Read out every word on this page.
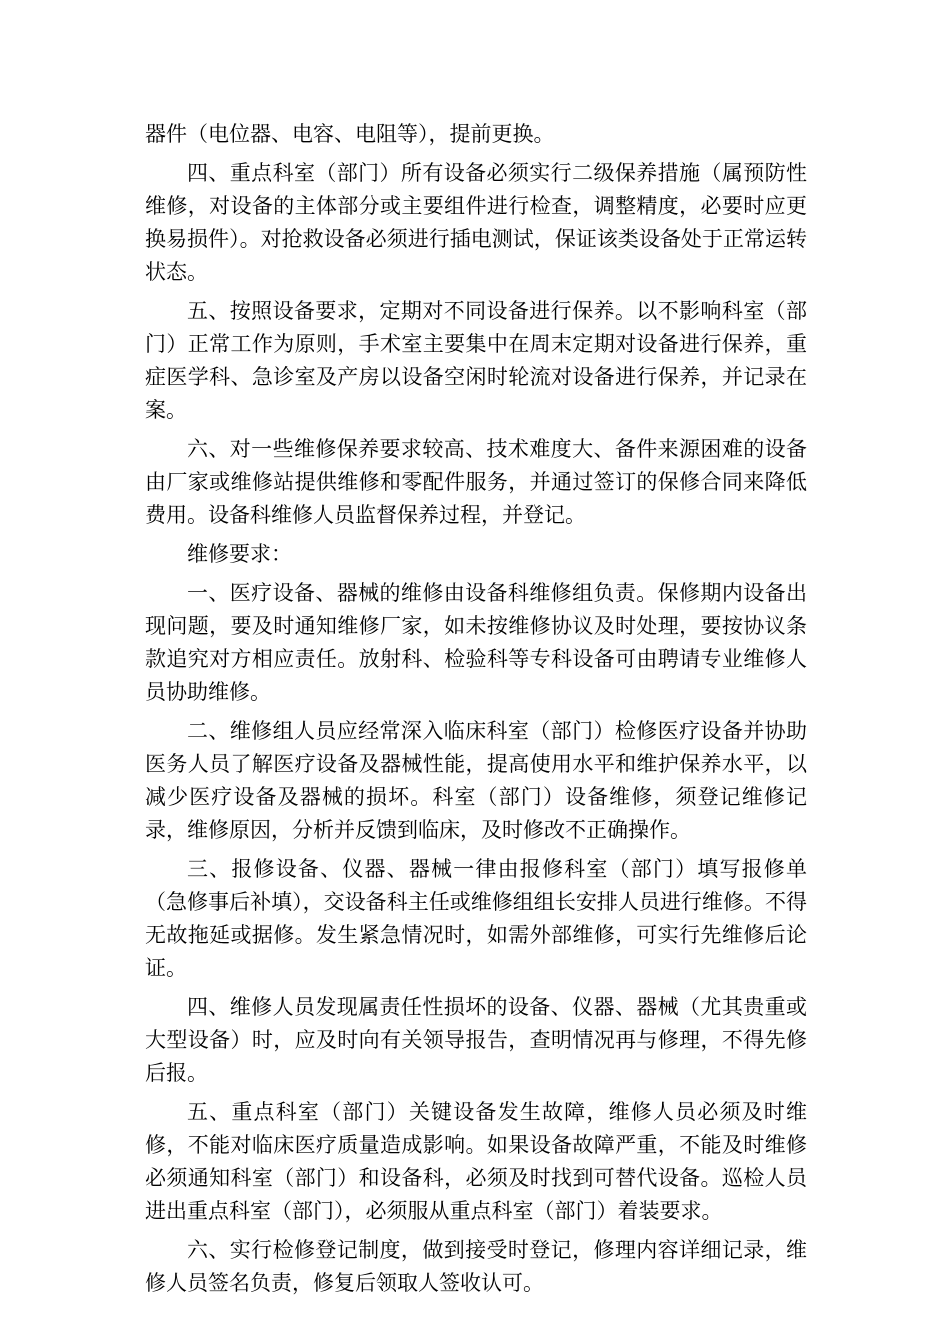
器件（电位器、电容、电阻等），提前更换。

四、重点科室（部门）所有设备必须实行二级保养措施（属预防性维修，对设备的主体部分或主要组件进行检查，调整精度，必要时应更换易损件）。对抢救设备必须进行插电测试，保证该类设备处于正常运转状态。

五、按照设备要求，定期对不同设备进行保养。以不影响科室（部门）正常工作为原则，手术室主要集中在周末定期对设备进行保养，重症医学科、急诊室及产房以设备空闲时轮流对设备进行保养，并记录在案。

六、对一些维修保养要求较高、技术难度大、备件来源困难的设备由厂家或维修站提供维修和零配件服务，并通过签订的保修合同来降低费用。设备科维修人员监督保养过程，并登记。

维修要求：

一、医疗设备、器械的维修由设备科维修组负责。保修期内设备出现问题，要及时通知维修厂家，如未按维修协议及时处理，要按协议条款追究对方相应责任。放射科、检验科等专科设备可由聘请专业维修人员协助维修。

二、维修组人员应经常深入临床科室（部门）检修医疗设备并协助医务人员了解医疗设备及器械性能，提高使用水平和维护保养水平，以减少医疗设备及器械的损坏。科室（部门）设备维修，须登记维修记录，维修原因，分析并反馈到临床，及时修改不正确操作。

三、报修设备、仪器、器械一律由报修科室（部门）填写报修单（急修事后补填），交设备科主任或维修组组长安排人员进行维修。不得无故拖延或据修。发生紧急情况时，如需外部维修，可实行先维修后论证。

四、维修人员发现属责任性损坏的设备、仪器、器械（尤其贵重或大型设备）时，应及时向有关领导报告，查明情况再与修理，不得先修后报。

五、重点科室（部门）关键设备发生故障，维修人员必须及时维修，不能对临床医疗质量造成影响。如果设备故障严重，不能及时维修必须通知科室（部门）和设备科，必须及时找到可替代设备。巡检人员进出重点科室（部门），必须服从重点科室（部门）着装要求。

六、实行检修登记制度，做到接受时登记，修理内容详细记录，维修人员签名负责，修复后领取人签收认可。
